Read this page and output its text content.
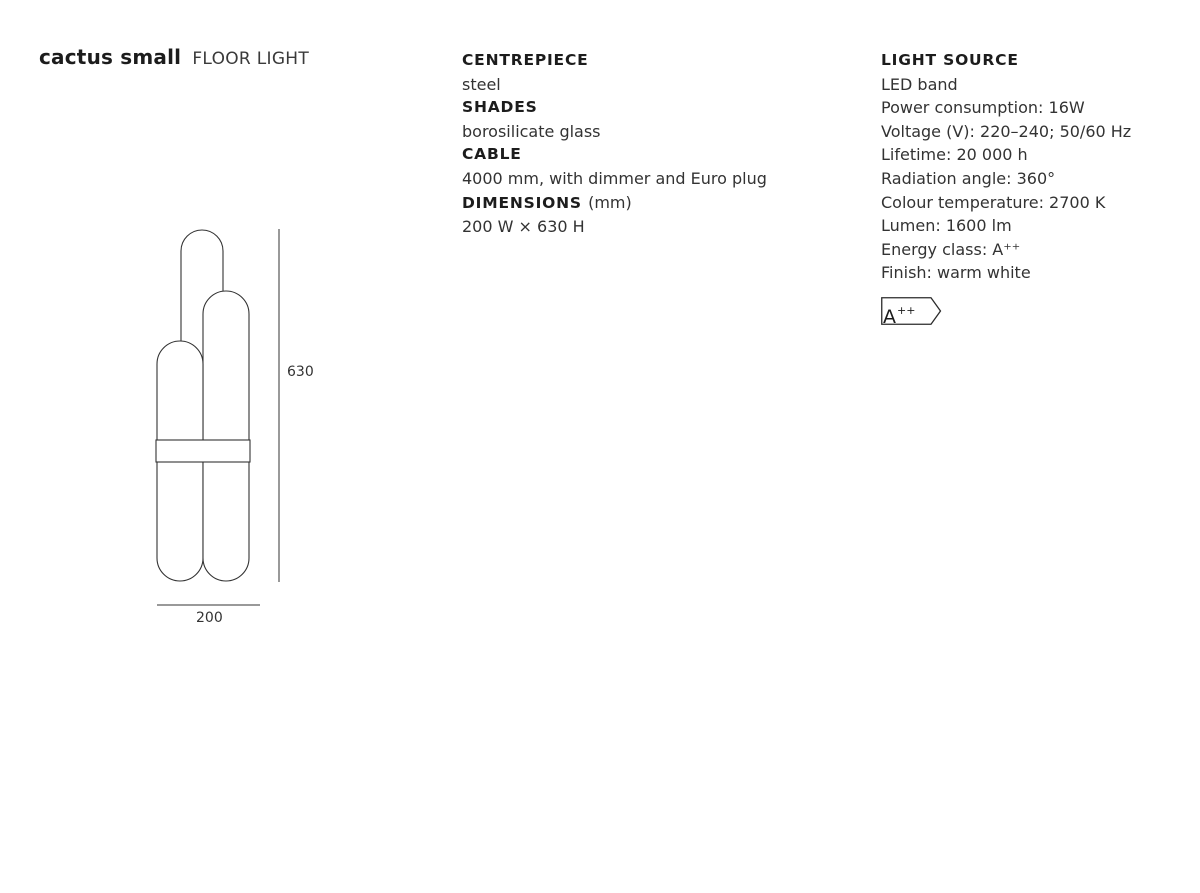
cactus small FLOOR LIGHT	CENTREPIECE
steel
SHADES
borosilicate glass
CABLE
4000 mm, with dimmer and Euro plug
DIMENSIONS (mm)
200 W × 630 H
LIGHT SOURCE
LED band
Power consumption: 16W
Voltage (V): 220–240; 50/60 Hz
Lifetime: 20 000 h
Radiation angle: 360°
Colour temperature: 2700 K
Lumen: 1600 lm
Energy class: A⁺⁺
Finish: warm white
A++
630
200
